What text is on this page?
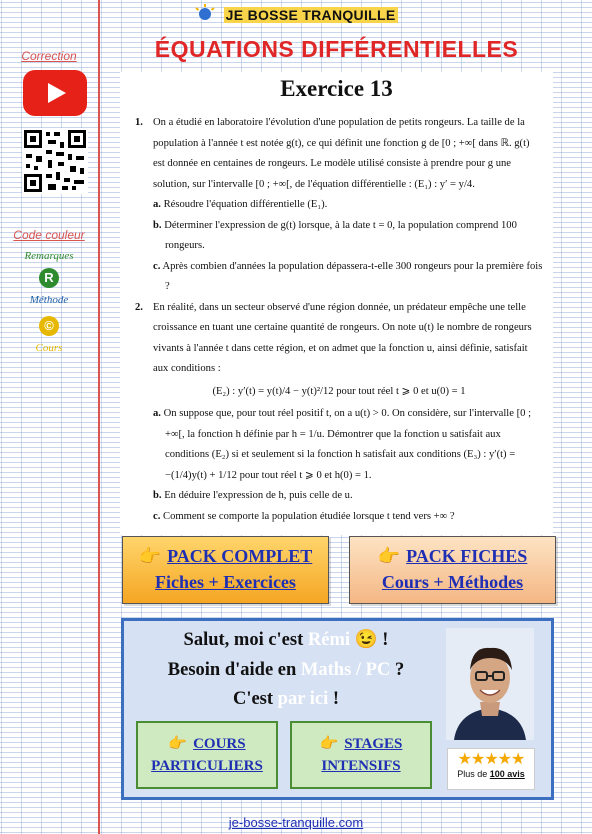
JE BOSSE TRANQUILLE
ÉQUATIONS DIFFÉRENTIELLES
Exercice 13
Correction
Code couleur
Remarques
R
Méthode
©
Cours
1. On a étudié en laboratoire l'évolution d'une population de petits rongeurs. La taille de la population à l'année t est notée g(t), ce qui définit une fonction g de [0 ; +∞[ dans ℝ. g(t) est donnée en centaines de rongeurs. Le modèle utilisé consiste à prendre pour g une solution, sur l'intervalle [0 ; +∞[, de l'équation différentielle : (E₁) : y′ = y/4.
a. Résoudre l'équation différentielle (E₁).
b. Déterminer l'expression de g(t) lorsque, à la date t = 0, la population comprend 100 rongeurs.
c. Après combien d'années la population dépassera-t-elle 300 rongeurs pour la première fois ?
2. En réalité, dans un secteur observé d'une région donnée, un prédateur empêche une telle croissance en tuant une certaine quantité de rongeurs. On note u(t) le nombre de rongeurs vivants à l'année t dans cette région, et on admet que la fonction u, ainsi définie, satisfait aux conditions :
(E₂) : y′(t) = y(t)/4 − y(t)²/12 pour tout réel t ⩾ 0 et u(0) = 1
a. On suppose que, pour tout réel positif t, on a u(t) > 0. On considère, sur l'intervalle [0 ; +∞[, la fonction h définie par h = 1/u. Démontrer que la fonction u satisfait aux conditions (E₂) si et seulement si la fonction h satisfait aux conditions (E₃) : y′(t) = −(1/4)y(t) + 1/12 pour tout réel t ⩾ 0 et h(0) = 1.
b. En déduire l'expression de h, puis celle de u.
c. Comment se comporte la population étudiée lorsque t tend vers +∞ ?
👉 PACK COMPLET
Fiches + Exercices
👉 PACK FICHES
Cours + Méthodes
Salut, moi c'est Rémi 😉 !
Besoin d'aide en Maths / PC ?
C'est par ici !
👉 COURS
PARTICULIERS
👉 STAGES
INTENSIFS	★★★★★
Plus de 100 avis
je-bosse-tranquille.com
